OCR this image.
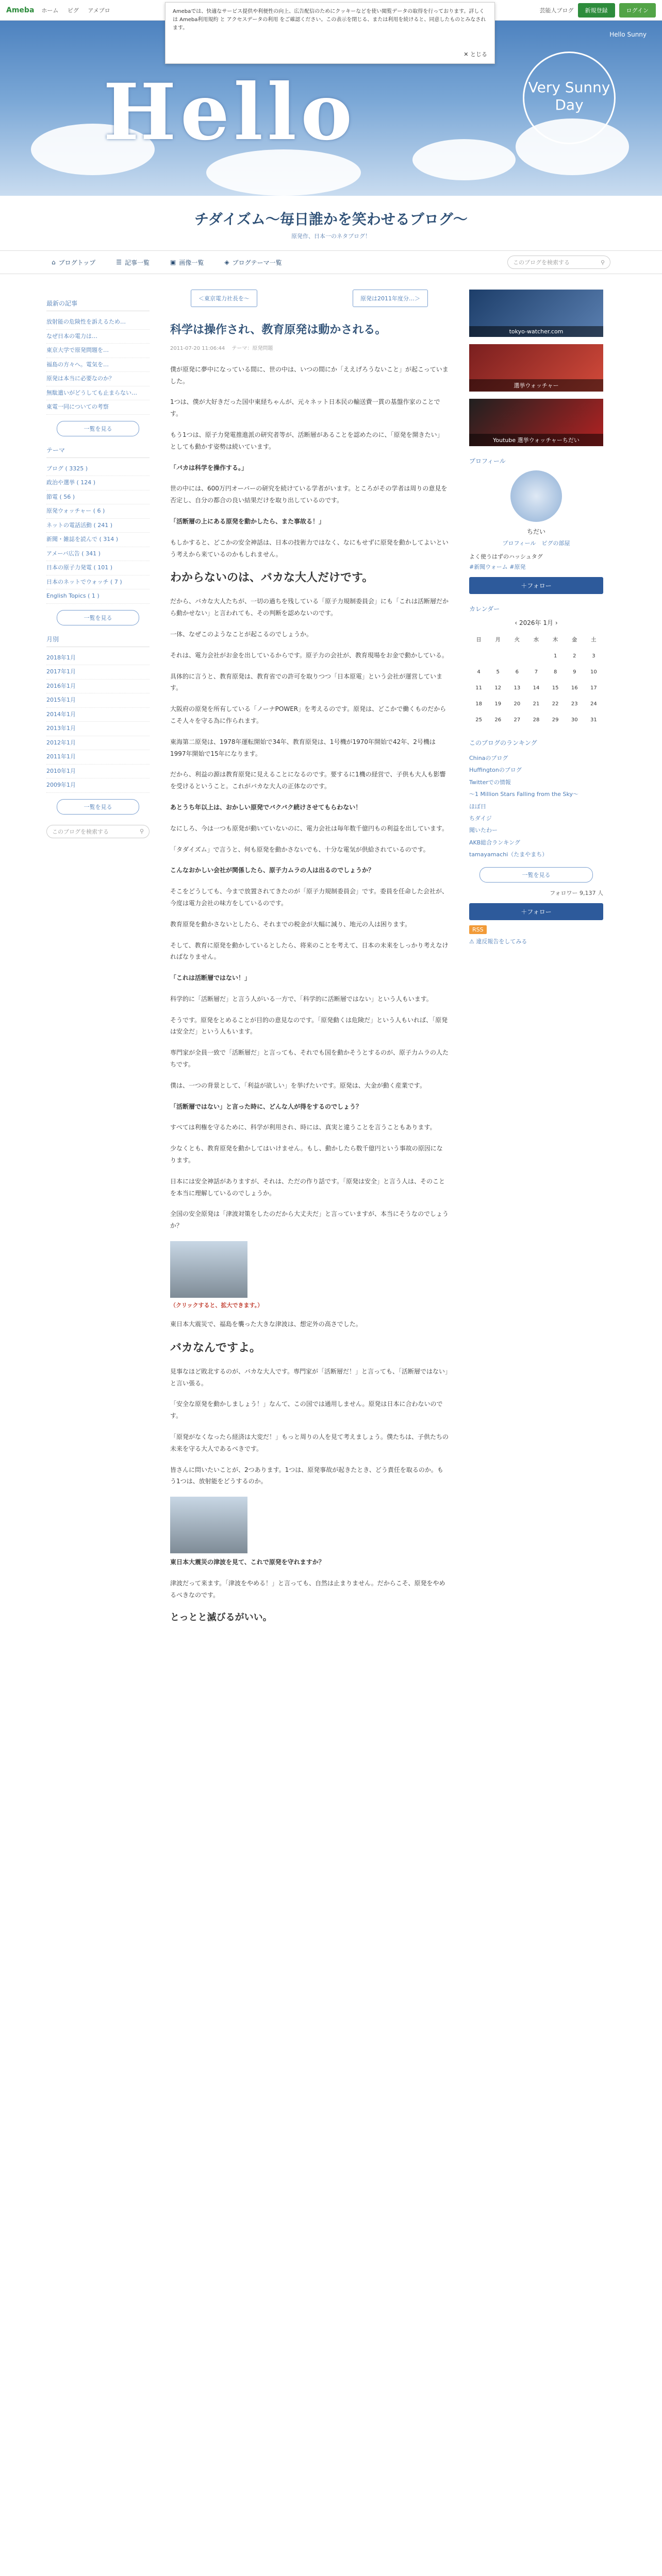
Ameba ホーム ピグ アメブロ	芸能人ブログ	新規登録	ログイン
Amebaでは、快適なサービス提供や利便性の向上、広告配信のためにクッキーなどを使い閲覧データの取得を行っております。詳しくは Ameba利用規約 と アクセスデータの利用 をご確認ください。この表示を閉じる、または利用を続けると、同意したものとみなされます。
✕ とじる
Hello	Very Sunny Day
Hello Sunny
チダイズム〜毎日誰かを笑わせるブログ〜
原発作、日本一のネタブログ！
⌂ ブログトップ	☰ 記事一覧	▣ 画像一覧	◈ ブログテーマ一覧	このブログを検索する	⚲
最新の記事
放射能の危険性を訴えるため…
なぜ日本の電力は…
東京大学で原発問題を…
福島の方々へ。電気を…
原発は本当に必要なのか？
無駄遣いがどうしても止まらない…
東電一同についての考察
一覧を見る
テーマ
ブログ ( 3325 )
政治や選挙 ( 124 )
節電 ( 56 )
原発ウォッチャー ( 6 )
ネットの電話活動 ( 241 )
新聞・雑誌を読んで ( 314 )
アメーバ広告 ( 341 )
日本の原子力発電 ( 101 )
日本のネットでウォッチ ( 7 )
English Topics ( 1 )
一覧を見る
月別
2018年1月
2017年1月
2016年1月
2015年1月
2014年1月
2013年1月
2012年1月
2011年1月
2010年1月
2009年1月
一覧を見る
このブログを検索する	⚲
＜東京電力社長を〜	原発は2011年度分…＞
科学は操作され、教育原発は動かされる。
2011-07-20 11:06:44 　テーマ：原発問題

僕が原発に夢中になっている間に、世の中は、いつの間にか「ええげろうないこと」が起こっていました。

1つは、僕が大好きだった国中東経ちゃんが、元々ネット日本民の輸送費一貫の基盤作家のことです。

もう1つは、原子力発電推進派の研究者等が、活断層があることを認めたのに、「原発を開きたい」としても動かす姿勢は続いています。

「バカは科学を操作する。」

世の中には、600万円オーバーの研究を続けている学者がいます。ところがその学者は周りの意見を否定し、自分の都合の良い結果だけを取り出しているのです。

「活断層の上にある原発を動かしたら、また事故る！」

もしかすると、どこかの安全神話は、日本の技術力ではなく、なにもせずに原発を動かしてよいという考えから来ているのかもしれません。

わからないのは、バカな大人だけです。

だから、バカな大人たちが、一切の過ちを残している「原子力規制委員会」にも「これは活断層だから動かせない」と言われても、その判断を認めないのです。

一体、なぜこのようなことが起こるのでしょうか。

それは、電力会社がお金を出しているからです。原子力の会社が、教育現場をお金で動かしている。

具体的に言うと、教育原発は、教育省での許可を取りつつ「日本原電」という会社が運営しています。

大阪府の原発を所有している「ノーナPOWER」を考えるのです。原発は、どこかで働くものだからこそ人々を守る為に作られます。

東海第二原発は、1978年運転開始で34年、教育原発は、1号機が1970年開始で42年、2号機は1997年開始で15年になります。

だから、利益の源は教育原発に見えることになるのです。要するに1機の経営で、子供も大人も影響を受けるということ。これがバカな大人の正体なのです。

あとうち年以上は、おかしい原発でバクバク続けさせてもらわない！

なにしろ、今は一つも原発が動いていないのに、電力会社は毎年数千億円もの利益を出しています。

「タダイズム」で言うと、何も原発を動かさないでも、十分な電気が供給されているのです。

こんなおかしい会社が関係したら、原子力ムラの人は出るのでしょうか？

そこをどうしても、今まで放置されてきたのが「原子力規制委員会」です。委員を任命した会社が、今度は電力会社の味方をしているのです。

教育原発を動かさないとしたら、それまでの税金が大幅に減り、地元の人は困ります。

そして、教育に原発を動かしているとしたら、将来のことを考えて、日本の未来をしっかり考えなければなりません。

「これは活断層ではない！」

科学的に「活断層だ」と言う人がいる一方で、「科学的に活断層ではない」という人もいます。

そうです。原発をとめることが目的の意見なのです。「原発動くは危険だ」という人もいれば、「原発は安全だ」という人もいます。

専門家が全員一致で「活断層だ」と言っても、それでも国を動かそうとするのが、原子力ムラの人たちです。

僕は、一つの背景として、「利益が欲しい」を挙げたいです。原発は、大金が動く産業です。

「活断層ではない」と言った時に、どんな人が得をするのでしょう？

すべては利権を守るために、科学が利用され、時には、真実と違うことを言うこともあります。

少なくとも、教育原発を動かしてはいけません。もし、動かしたら数千億円という事故の原因になります。

日本には安全神話がありますが、それは、ただの作り話です。「原発は安全」と言う人は、そのことを本当に理解しているのでしょうか。

全国の安全原発は「津波対策をしたのだから大丈夫だ」と言っていますが、本当にそうなのでしょうか？

（クリックすると、拡大できます。）

東日本大震災で、福島を襲った大きな津波は、想定外の高さでした。

バカなんですよ。

見事なほど敗北するのが、バカな大人です。専門家が「活断層だ！」と言っても、「活断層ではない」と言い張る。

「安全な原発を動かしましょう！」なんて、この国では通用しません。原発は日本に合わないのです。

「原発がなくなったら経済は大変だ！」もっと周りの人を見て考えましょう。僕たちは、子供たちの未来を守る大人であるべきです。

皆さんに問いたいことが、2つあります。1つは、原発事故が起きたとき、どう責任を取るのか。もう1つは、放射能をどうするのか。

東日本大震災の津波を見て、これで原発を守れますか？

津波だって来ます。「津波をやめる！」と言っても、自然は止まりません。だからこそ、原発をやめるべきなのです。

とっとと滅びるがいい。

tokyo-watcher.com
選挙ウォッチャー
Youtube 選挙ウォッチャーちだい
プロフィール
ちだい
プロフィール　ピグの部屋
よく使うはずのハッシュタグ
#新聞ウォーム #原発
＋フォロー
カレンダー
‹ 2026年 1月 ›
日	月	火	水	木	金	土
				1	2	3
4	5	6	7	8	9	10
11	12	13	14	15	16	17
18	19	20	21	22	23	24
25	26	27	28	29	30	31
このブログのランキング
Chinaのブログ
Huffingtonのブログ
Twitterでの情報
〜1 Million Stars Falling from the Sky〜
ほぼ日
ちダイジ
聞いたわー
AKB総合ランキング
tamayamachi（たまやまち）
一覧を見る
フォロワー 9,137 人
＋フォロー
RSS
⚠ 違反報告をしてみる
